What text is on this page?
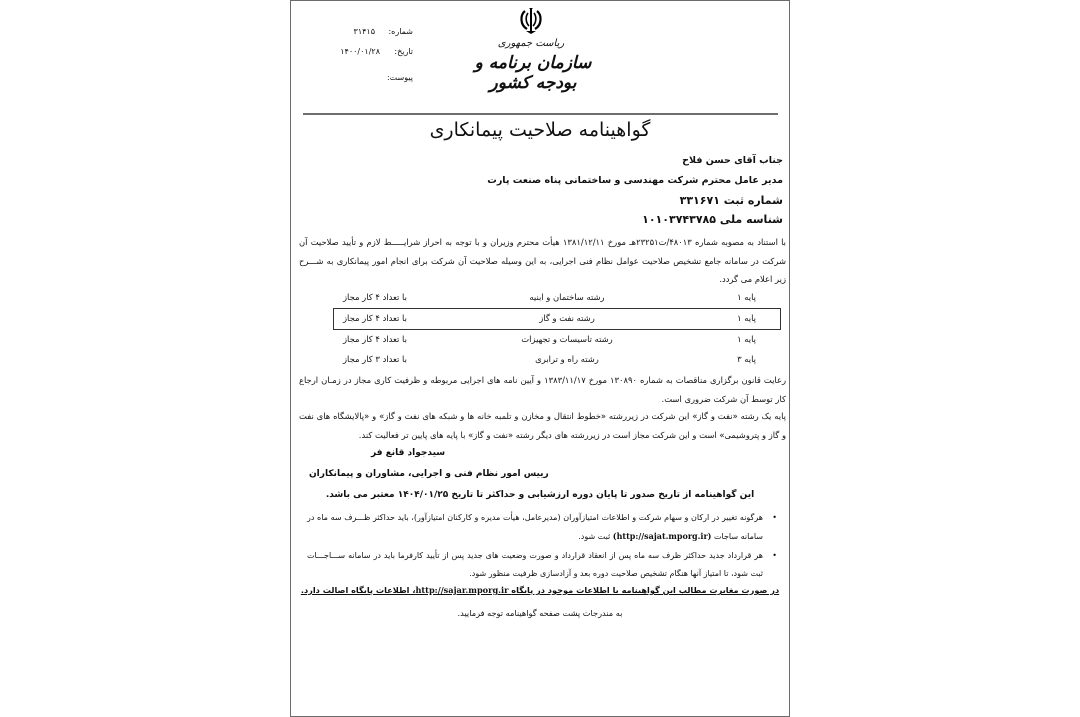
شماره:
۳۱۴۱۵
تاریخ:
۱۴۰۰/۰۱/۲۸
پیوست:
ریاست جمهوری
سازمان برنامه و بودجه کشور
گواهینامه صلاحیت پیمانکاری
جناب آقای حسن فلاح
مدیر عامل محترم شرکت مهندسی و ساختمانی پناه صنعت پارت
شماره ثبت ۳۳۱۶۷۱
شناسه ملی ۱۰۱۰۳۷۴۳۷۸۵
با استناد به مصوبه شماره ۴۸۰۱۳/ت۲۳۲۵۱هـ مورخ ۱۳۸۱/۱۲/۱۱ هیأت محترم وزیران و با توجه به احراز شرایـــــط لازم و تأیید صلاحیت آن شرکت در سامانه جامع تشخیص صلاحیت عوامل نظام فنی اجرایی، به این وسیله صلاحیت آن شرکت برای انجام امور پیمانکاری به شـــرح زیر اعلام می گردد.
پایه ۱
رشته ساختمان و ابنیه
با تعداد ۴ کار مجاز
پایه ۱
رشته نفت و گاز
با تعداد ۴ کار مجاز
پایه ۱
رشته تاسیسات و تجهیزات
با تعداد ۴ کار مجاز
پایه ۳
رشته راه و ترابری
با تعداد ۳ کار مجاز
رعایت قانون برگزاری مناقصات به شماره ۱۳۰۸۹۰ مورخ ۱۳۸۳/۱۱/۱۷ و آیین نامه های اجرایی مربوطه و ظرفیت کاری مجاز در زمـان ارجاع کار توسط آن شرکت ضروری است.
پایه یک رشته «نفت و گاز» این شرکت در زیررشته «خطوط انتقال و مخازن و تلمبه خانه ها و شبکه های نفت و گاز» و «پالایشگاه های نفت و گاز و پتروشیمی» است و این شرکت مجاز است در زیررشته های دیگر رشته «نفت و گاز» با پایه های پایین تر فعالیت کند.
سیدجواد قانع فر
رییس امور نظام فنی و اجرایی، مشاوران و پیمانکاران
این گواهینامه از تاریخ صدور تا پایان دوره ارزشیابی و حداکثر تا تاریخ ۱۴۰۴/۰۱/۲۵ معتبر می باشد.
•
هرگونه تغییر در ارکان و سهام شرکت و اطلاعات امتیازآوران (مدیرعامل، هیأت مدیره و کارکنان امتیازآور)، باید حداکثر ظـــرف سه ماه در سامانه ساجات (http://sajat.mporg.ir) ثبت شود.
•
هر قرارداد جدید حداکثر ظرف سه ماه پس از انعقاد قرارداد و صورت وضعیت های جدید پس از تأیید کارفرما باید در سامانه ســـاجـــات ثبت شود، تا امتیاز آنها هنگام تشخیص صلاحیت دوره بعد و آزادسازی ظرفیت منظور شود.
در صورت مغایرت مطالب این گواهینامه با اطلاعات موجود در پایگاه http://sajar.mporg.ir، اطلاعات پایگاه اصالت دارد.
به مندرجات پشت صفحه گواهینامه توجه فرمایید.
